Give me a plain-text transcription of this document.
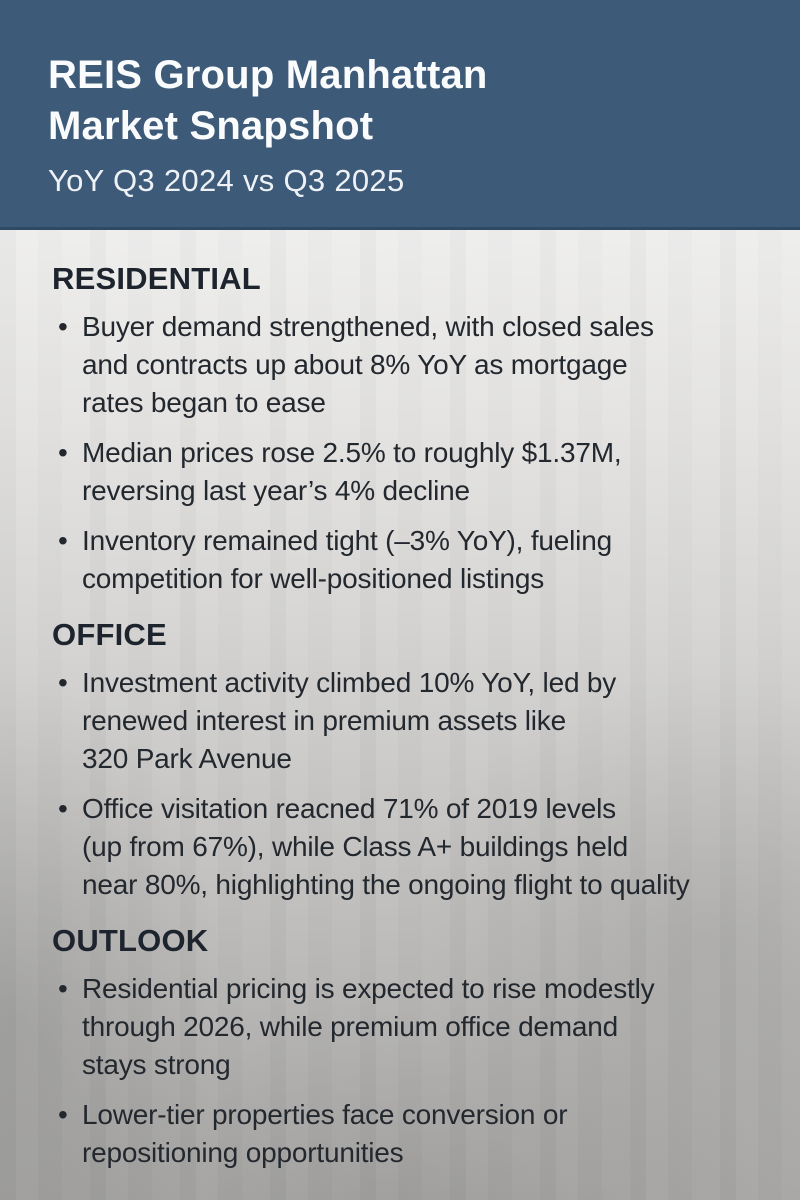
REIS Group Manhattan
Market Snapshot

YoY Q3 2024 vs Q3 2025

RESIDENTIAL
• Buyer demand strengthened, with closed sales
and contracts up about 8% YoY as mortgage
rates began to ease
• Median prices rose 2.5% to roughly $1.37M,
reversing last year’s 4% decline
• Inventory remained tight (–3% YoY), fueling
competition for well-positioned listings
OFFICE
• Investment activity climbed 10% YoY, led by
renewed interest in premium assets like
320 Park Avenue
• Office visitation reacned 71% of 2019 levels
(up from 67%), while Class A+ buildings held
near 80%, highlighting the ongoing flight to quality
OUTLOOK
• Residential pricing is expected to rise modestly
through 2026, while premium office demand
stays strong
• Lower-tier properties face conversion or
repositioning opportunities
